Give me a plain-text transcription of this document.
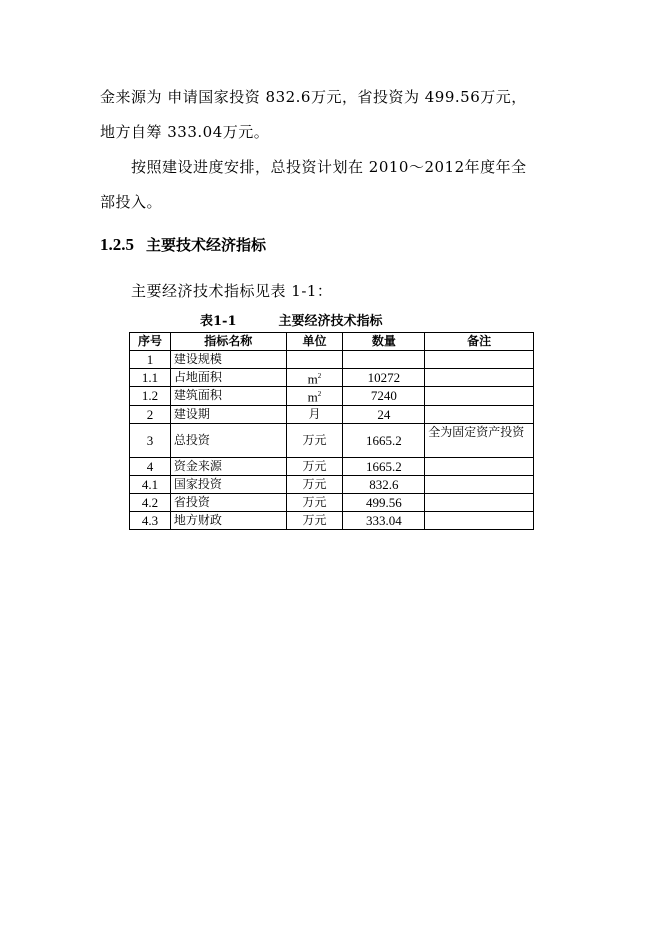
金来源为 申请国家投资 832.6万元，省投资为 499.56万元，
地方自筹 333.04万元。
按照建设进度安排，总投资计划在 2010～2012年度年全
部投入。
1.2.5 主要技术经济指标
主要经济技术指标见表 1-1：
表1-1	主要经济技术指标
序号	指标名称	单位	数量	备注
1	建设规模			
1.1	占地面积	$m^2$	10272	
1.2	建筑面积	$m^2$	7240	
2	建设期	月	24	
3	总投资	万元	1665.2	全为固定资产投资
4	资金来源	万元	1665.2	
4.1	国家投资	万元	832.6	
4.2	省投资	万元	499.56	
4.3	地方财政	万元	333.04	
